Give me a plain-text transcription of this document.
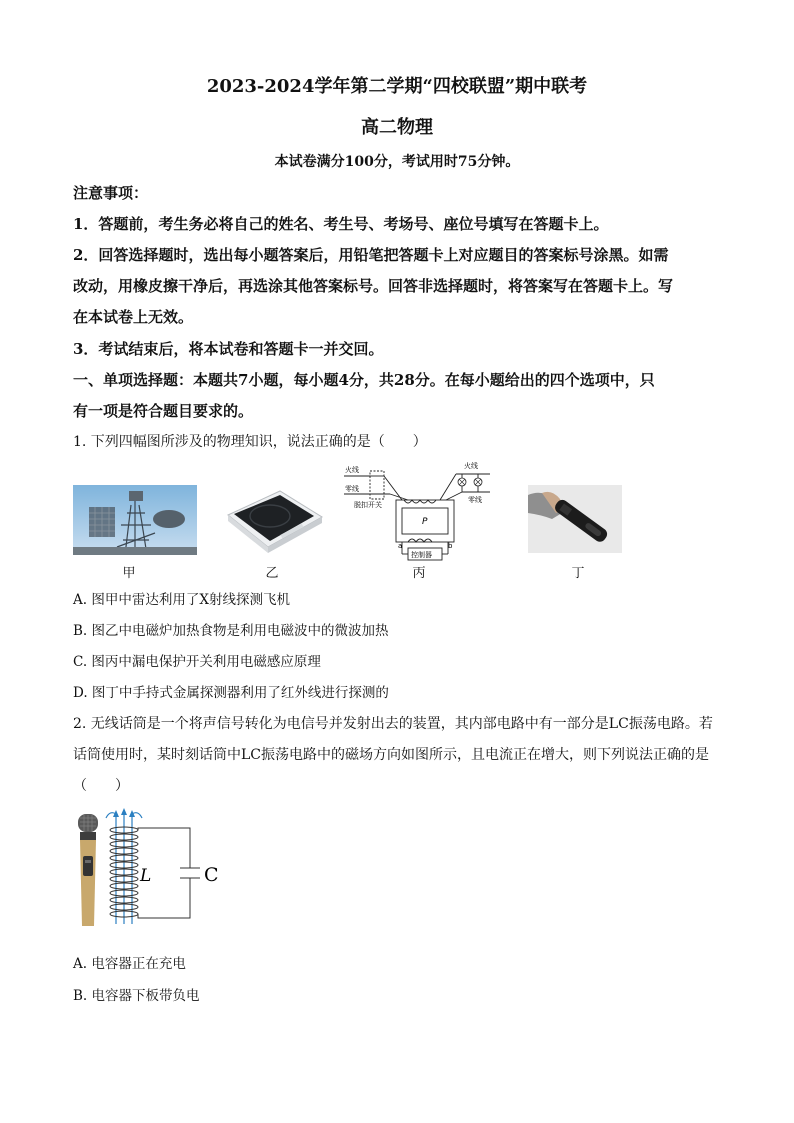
2023-2024学年第二学期“四校联盟”期中联考
高二物理
本试卷满分100分，考试用时75分钟。
注意事项：
1．答题前，考生务必将自己的姓名、考生号、考场号、座位号填写在答题卡上。
2．回答选择题时，选出每小题答案后，用铅笔把答题卡上对应题目的答案标号涂黑。如需
改动，用橡皮擦干净后，再选涂其他答案标号。回答非选择题时，将答案写在答题卡上。写
在本试卷上无效。
3．考试结束后，将本试卷和答题卡一并交回。
一、单项选择题：本题共7小题，每小题4分，共28分。在每小题给出的四个选项中，只
有一项是符合题目要求的。
1. 下列四幅图所涉及的物理知识，说法正确的是（　　）
火线
零线
脱扣开关
P
a	b
控制器
火线
零线
甲	乙	丙	丁
A. 图甲中雷达利用了X射线探测飞机
B. 图乙中电磁炉加热食物是利用电磁波中的微波加热
C. 图丙中漏电保护开关利用电磁感应原理
D. 图丁中手持式金属探测器利用了红外线进行探测的
2. 无线话筒是一个将声信号转化为电信号并发射出去的装置，其内部电路中有一部分是LC振荡电路。若
话筒使用时，某时刻话筒中LC振荡电路中的磁场方向如图所示，且电流正在增大，则下列说法正确的是
（　　）
L	C
A. 电容器正在充电
B. 电容器下板带负电
